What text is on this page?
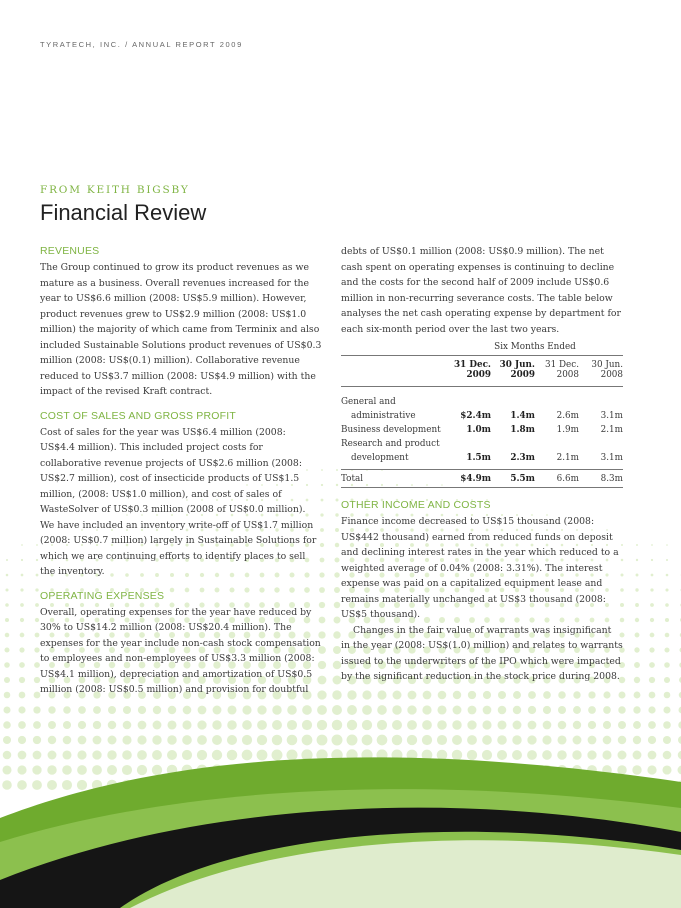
TYRATECH, INC. / ANNUAL REPORT 2009
FROM KEITH BIGSBY
Financial Review
REVENUES

The Group continued to grow its product revenues as we mature as a business. Overall revenues increased for the year to US$6.6 million (2008: US$5.9 million). However, product revenues grew to US$2.9 million (2008: US$1.0 million) the majority of which came from Terminix and also included Sustainable Solutions product revenues of US$0.3 million (2008: US$(0.1) million). Collaborative revenue reduced to US$3.7 million (2008: US$4.9 million) with the impact of the revised Kraft contract.

COST OF SALES AND GROSS PROFIT

Cost of sales for the year was US$6.4 million (2008: US$4.4 million). This included project costs for collaborative revenue projects of US$2.6 million (2008: US$2.7 million), cost of insecticide products of US$1.5 million, (2008: US$1.0 million), and cost of sales of WasteSolver of US$0.3 million (2008 of US$0.0 million). We have included an inventory write-off of US$1.7 million (2008: US$0.7 million) largely in Sustainable Solutions for which we are continuing efforts to identify places to sell the inventory.

OPERATING EXPENSES

Overall, operating expenses for the year have reduced by 30% to US$14.2 million (2008: US$20.4 million). The expenses for the year include non-cash stock compensation to employees and non-employees of US$3.3 million (2008: US$4.1 million), depreciation and amortization of US$0.5 million (2008: US$0.5 million) and provision for doubtful

debts of US$0.1 million (2008: US$0.9 million). The net cash spent on operating expenses is continuing to decline and the costs for the second half of 2009 include US$0.6 million in non-recurring severance costs. The table below analyses the net cash operating expense by department for each six-month period over the last two years.

	Six Months Ended			
	31 Dec.	30 Jun.	31 Dec.	30 Jun.
	2009	2009	2008	2008

General and				
administrative	$2.4m	1.4m	2.6m	3.1m
Business development	1.0m	1.8m	1.9m	2.1m
Research and product				
development	1.5m	2.3m	2.1m	3.1m

Total	$4.9m	5.5m	6.6m	8.3m
OTHER INCOME AND COSTS

Finance income decreased to US$15 thousand (2008: US$442 thousand) earned from reduced funds on deposit and declining interest rates in the year which reduced to a weighted average of 0.04% (2008: 3.31%). The interest expense was paid on a capitalized equipment lease and remains materially unchanged at US$3 thousand (2008: US$5 thousand).

Changes in the fair value of warrants was insignificant in the year (2008: US$(1.0) million) and relates to warrants issued to the underwriters of the IPO which were impacted by the significant reduction in the stock price during 2008.
